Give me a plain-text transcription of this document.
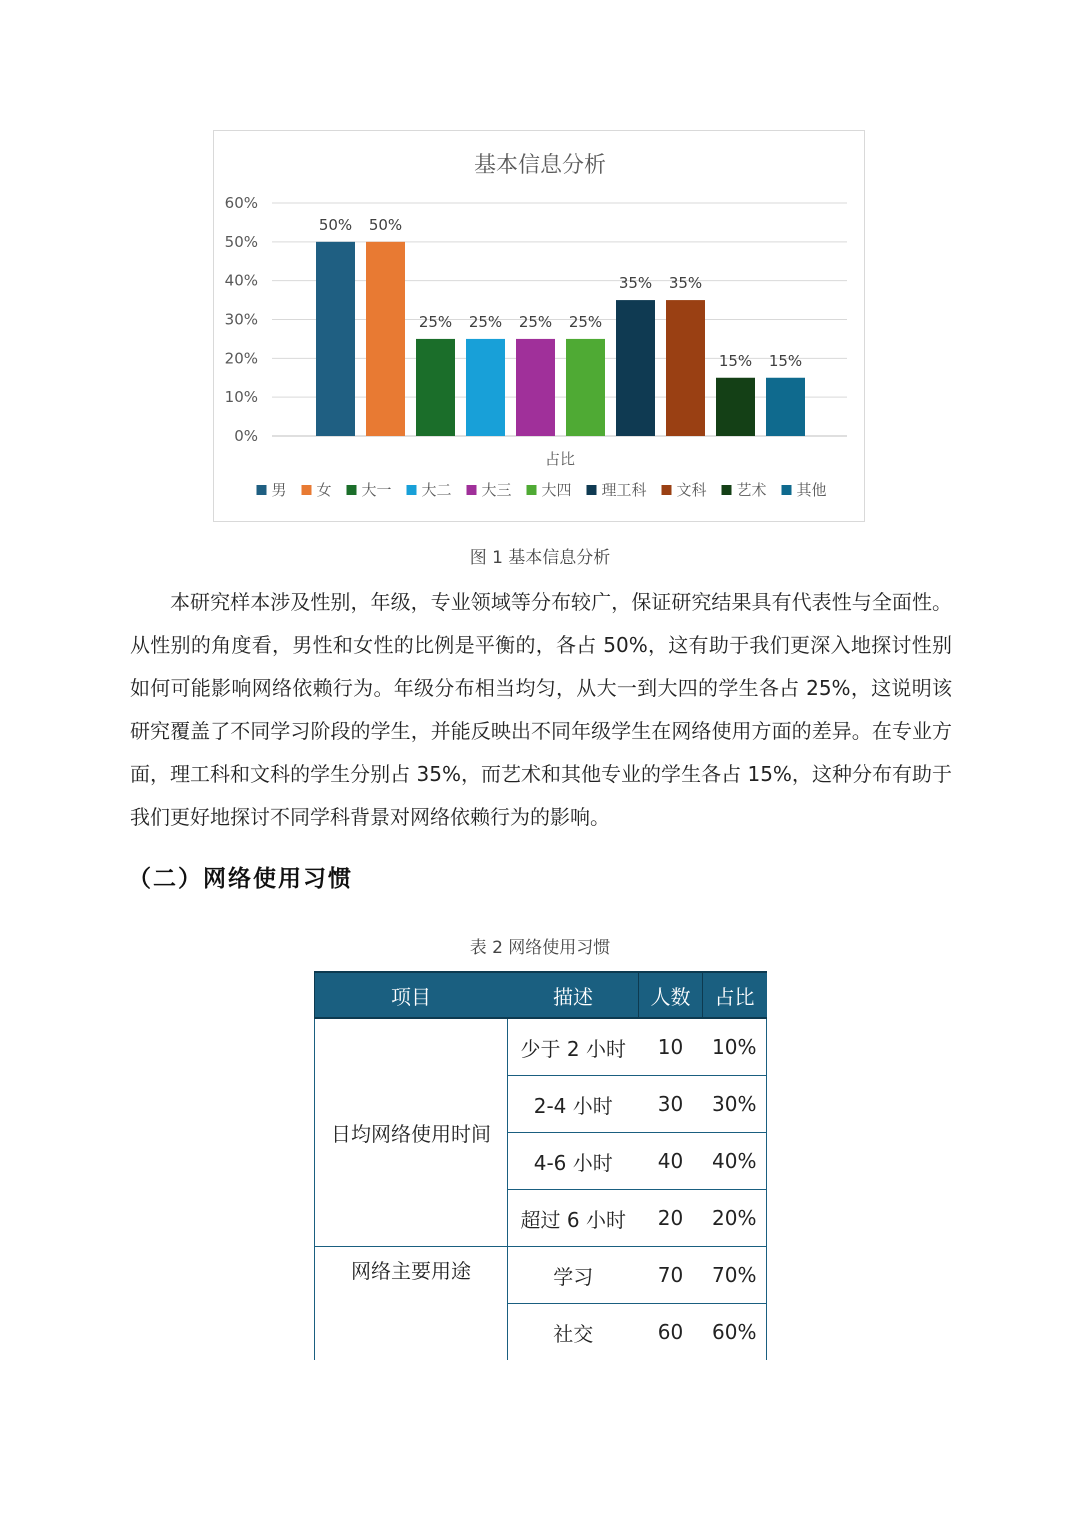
基本信息分析
0%
10%
20%
30%
40%
50%
60%
50% 50%
25% 25% 25% 25%
35% 35%
15% 15%
占比
男 女 大一 大二 大三 大四 理工科 文科 艺术 其他
图 1 基本信息分析

本研究样本涉及性别，年级，专业领域等分布较广，保证研究结果具有代表性与全面性。从性别的角度看，男性和女性的比例是平衡的，各占 50%，这有助于我们更深入地探讨性别如何可能影响网络依赖行为。年级分布相当均匀，从大一到大四的学生各占 25%，这说明该研究覆盖了不同学习阶段的学生，并能反映出不同年级学生在网络使用方面的差异。在专业方面，理工科和文科的学生分别占 35%，而艺术和其他专业的学生各占 15%，这种分布有助于我们更好地探讨不同学科背景对网络依赖行为的影响。

（二）网络使用习惯
表 2 网络使用习惯
项目	描述	人数	占比
日均网络使用时间	少于 2 小时	10	10%
	2-4 小时	30	30%
	4-6 小时	40	40%
	超过 6 小时	20	20%
网络主要用途	学习	70	70%
	社交	60	60%
